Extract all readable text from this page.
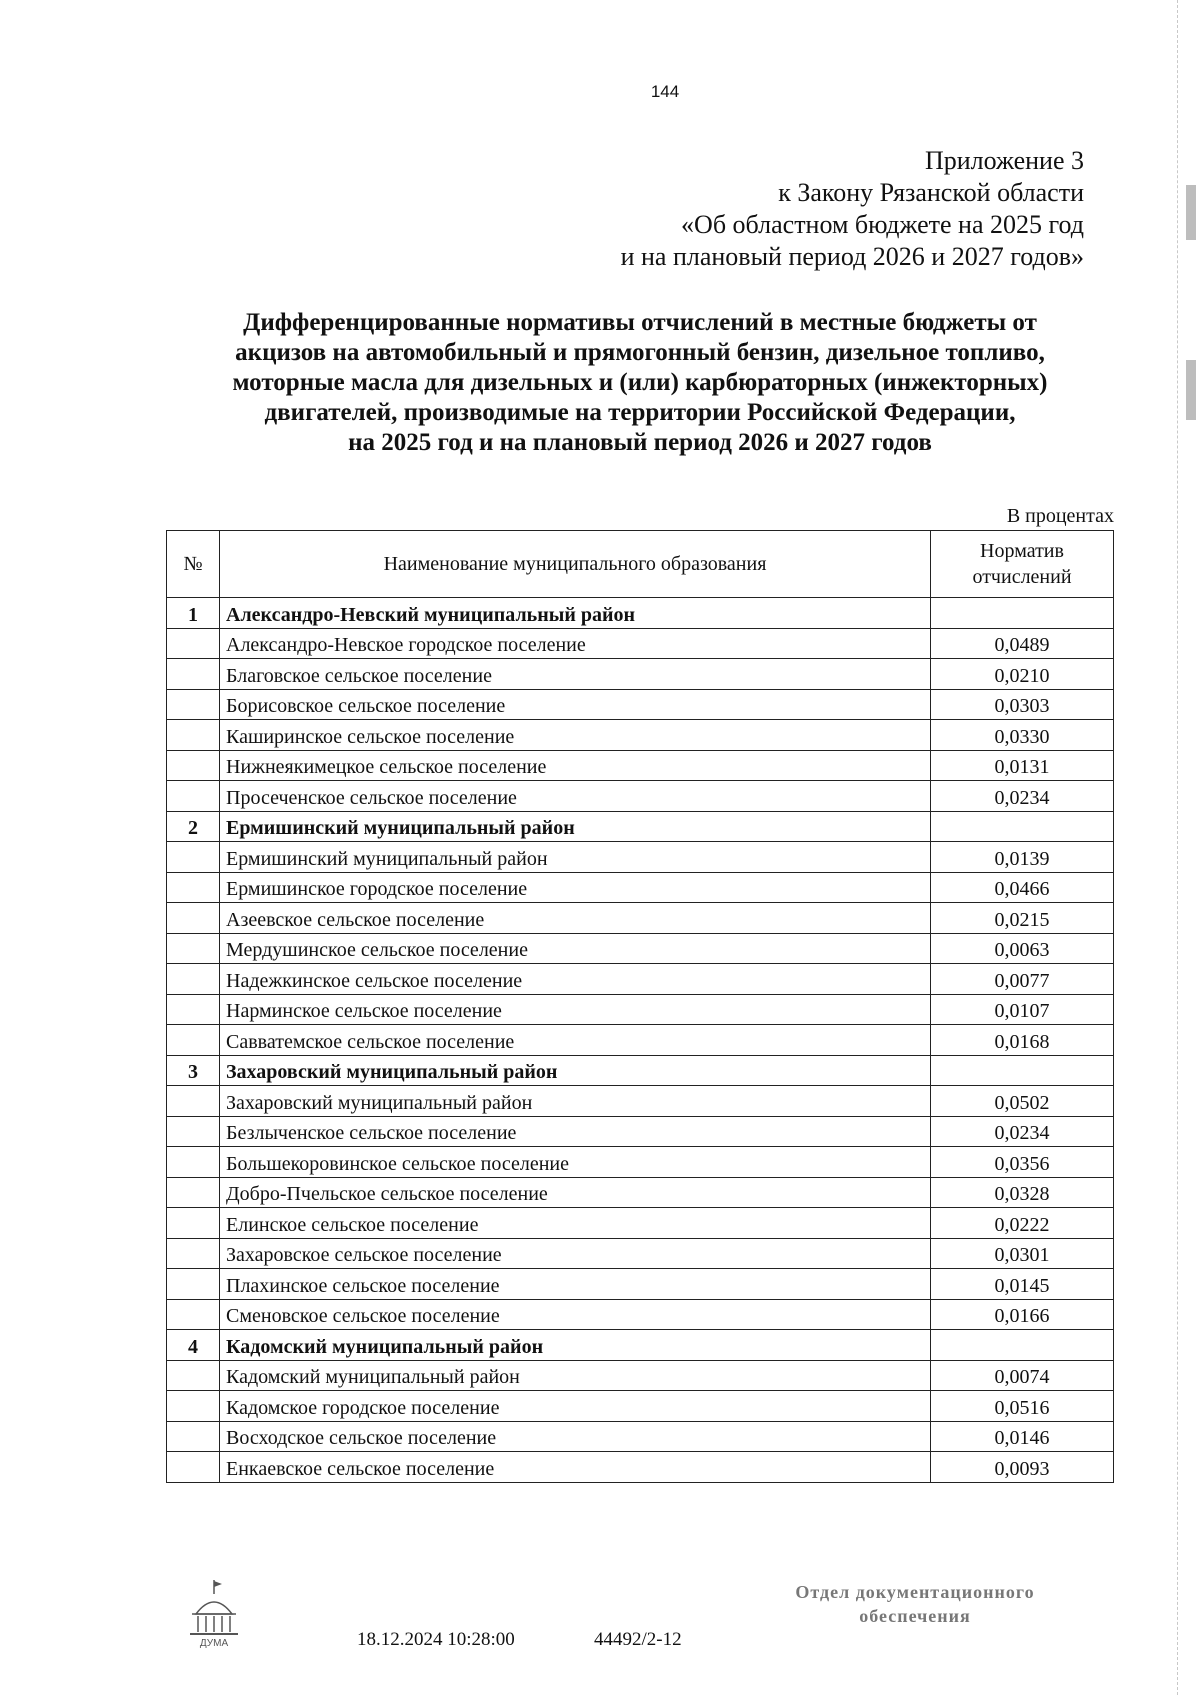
144
Приложение 3
к Закону Рязанской области
«Об областном бюджете на 2025 год
и на плановый период 2026 и 2027 годов»
Дифференцированные нормативы отчислений в местные бюджеты от
акцизов на автомобильный и прямогонный бензин, дизельное топливо,
моторные масла для дизельных и (или) карбюраторных (инжекторных)
двигателей, производимые на территории Российской Федерации,
на 2025 год и на плановый период 2026 и 2027 годов
В процентах
№	Наименование муниципального образования	Норматив
отчислений

1	Александро-Невский муниципальный район	
	Александро-Невское городское поселение	0,0489
	Благовское сельское поселение	0,0210
	Борисовское сельское поселение	0,0303
	Каширинское сельское поселение	0,0330
	Нижнеякимецкое сельское поселение	0,0131
	Просеченское сельское поселение	0,0234
2	Ермишинский муниципальный район	
	Ермишинский муниципальный район	0,0139
	Ермишинское городское поселение	0,0466
	Азеевское сельское поселение	0,0215
	Мердушинское сельское поселение	0,0063
	Надежкинское сельское поселение	0,0077
	Нарминское сельское поселение	0,0107
	Савватемское сельское поселение	0,0168
3	Захаровский муниципальный район	
	Захаровский муниципальный район	0,0502
	Безлыченское сельское поселение	0,0234
	Большекоровинское сельское поселение	0,0356
	Добро-Пчельское сельское поселение	0,0328
	Елинское сельское поселение	0,0222
	Захаровское сельское поселение	0,0301
	Плахинское сельское поселение	0,0145
	Сменовское сельское поселение	0,0166
4	Кадомский муниципальный район	
	Кадомский муниципальный район	0,0074
	Кадомское городское поселение	0,0516
	Восходское сельское поселение	0,0146
	Енкаевское сельское поселение	0,0093
ДУМА	18.12.2024 10:28:00	44492/2-12
Отдел документационного
обеспечения
